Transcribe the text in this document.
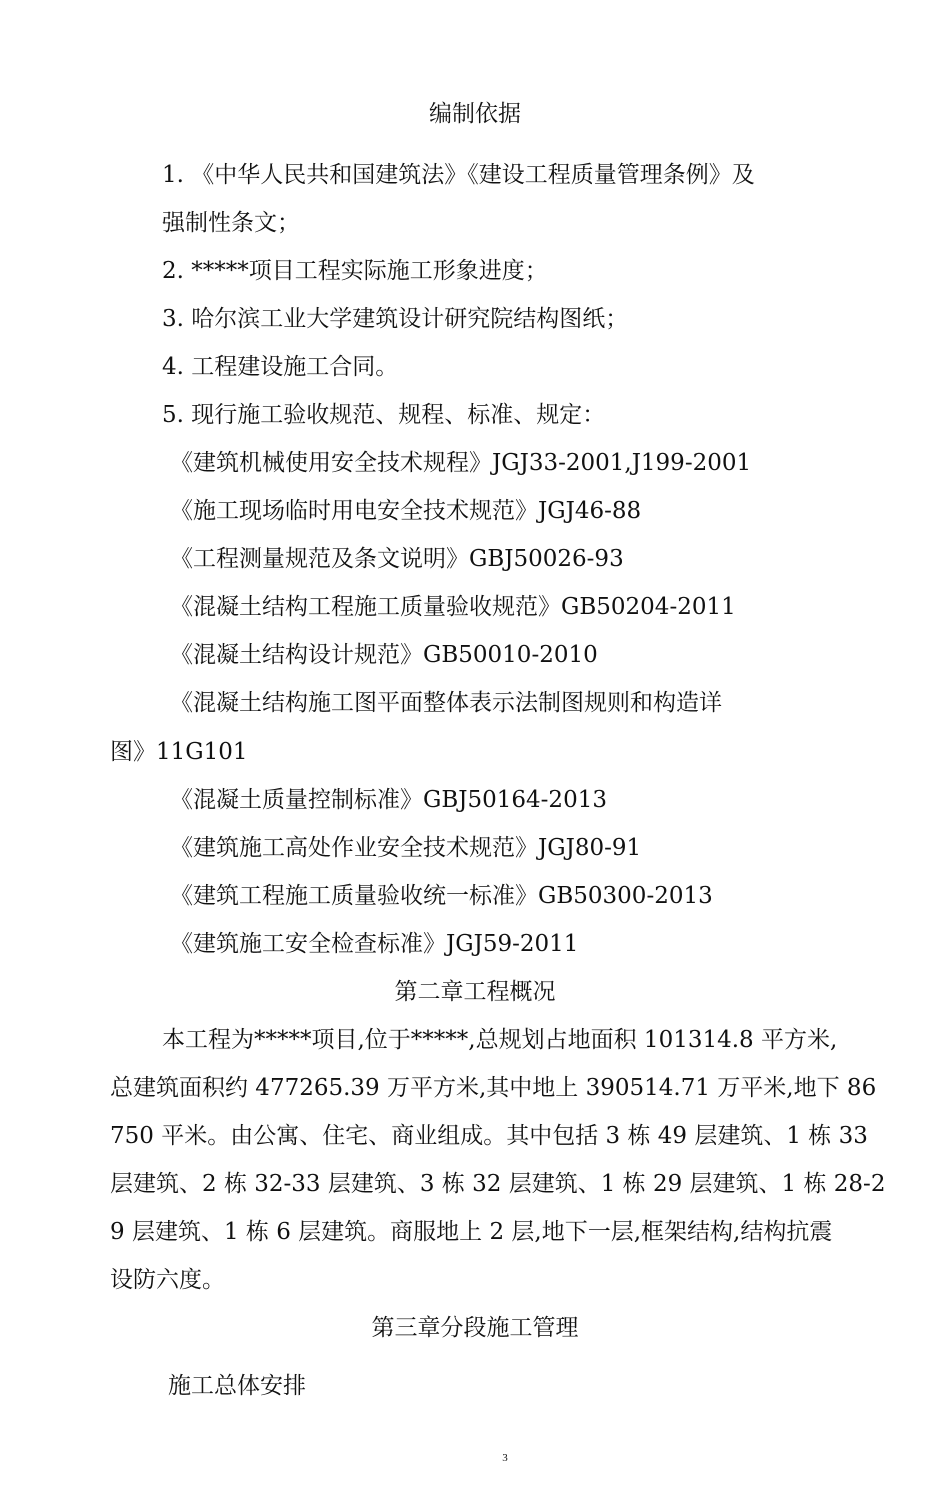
编制依据
1. 《中华人民共和国建筑法》《建设工程质量管理条例》及
强制性条文；
2. *****项目工程实际施工形象进度；
3. 哈尔滨工业大学建筑设计研究院结构图纸；
4. 工程建设施工合同。
5. 现行施工验收规范、规程、标准、规定：
《建筑机械使用安全技术规程》JGJ33-2001,J199-2001
《施工现场临时用电安全技术规范》JGJ46-88
《工程测量规范及条文说明》GBJ50026-93
《混凝土结构工程施工质量验收规范》GB50204-2011
《混凝土结构设计规范》GB50010-2010
《混凝土结构施工图平面整体表示法制图规则和构造详
图》11G101
《混凝土质量控制标准》GBJ50164-2013
《建筑施工高处作业安全技术规范》JGJ80-91
《建筑工程施工质量验收统一标准》GB50300-2013
《建筑施工安全检查标准》JGJ59-2011
第二章工程概况
本工程为*****项目,位于*****,总规划占地面积 101314.8 平方米,
总建筑面积约 477265.39 万平方米,其中地上 390514.71 万平米,地下 86
750 平米。由公寓、住宅、商业组成。其中包括 3 栋 49 层建筑、1 栋 33
层建筑、2 栋 32-33 层建筑、3 栋 32 层建筑、1 栋 29 层建筑、1 栋 28-2
9 层建筑、1 栋 6 层建筑。商服地上 2 层,地下一层,框架结构,结构抗震
设防六度。
第三章分段施工管理
施工总体安排
3
